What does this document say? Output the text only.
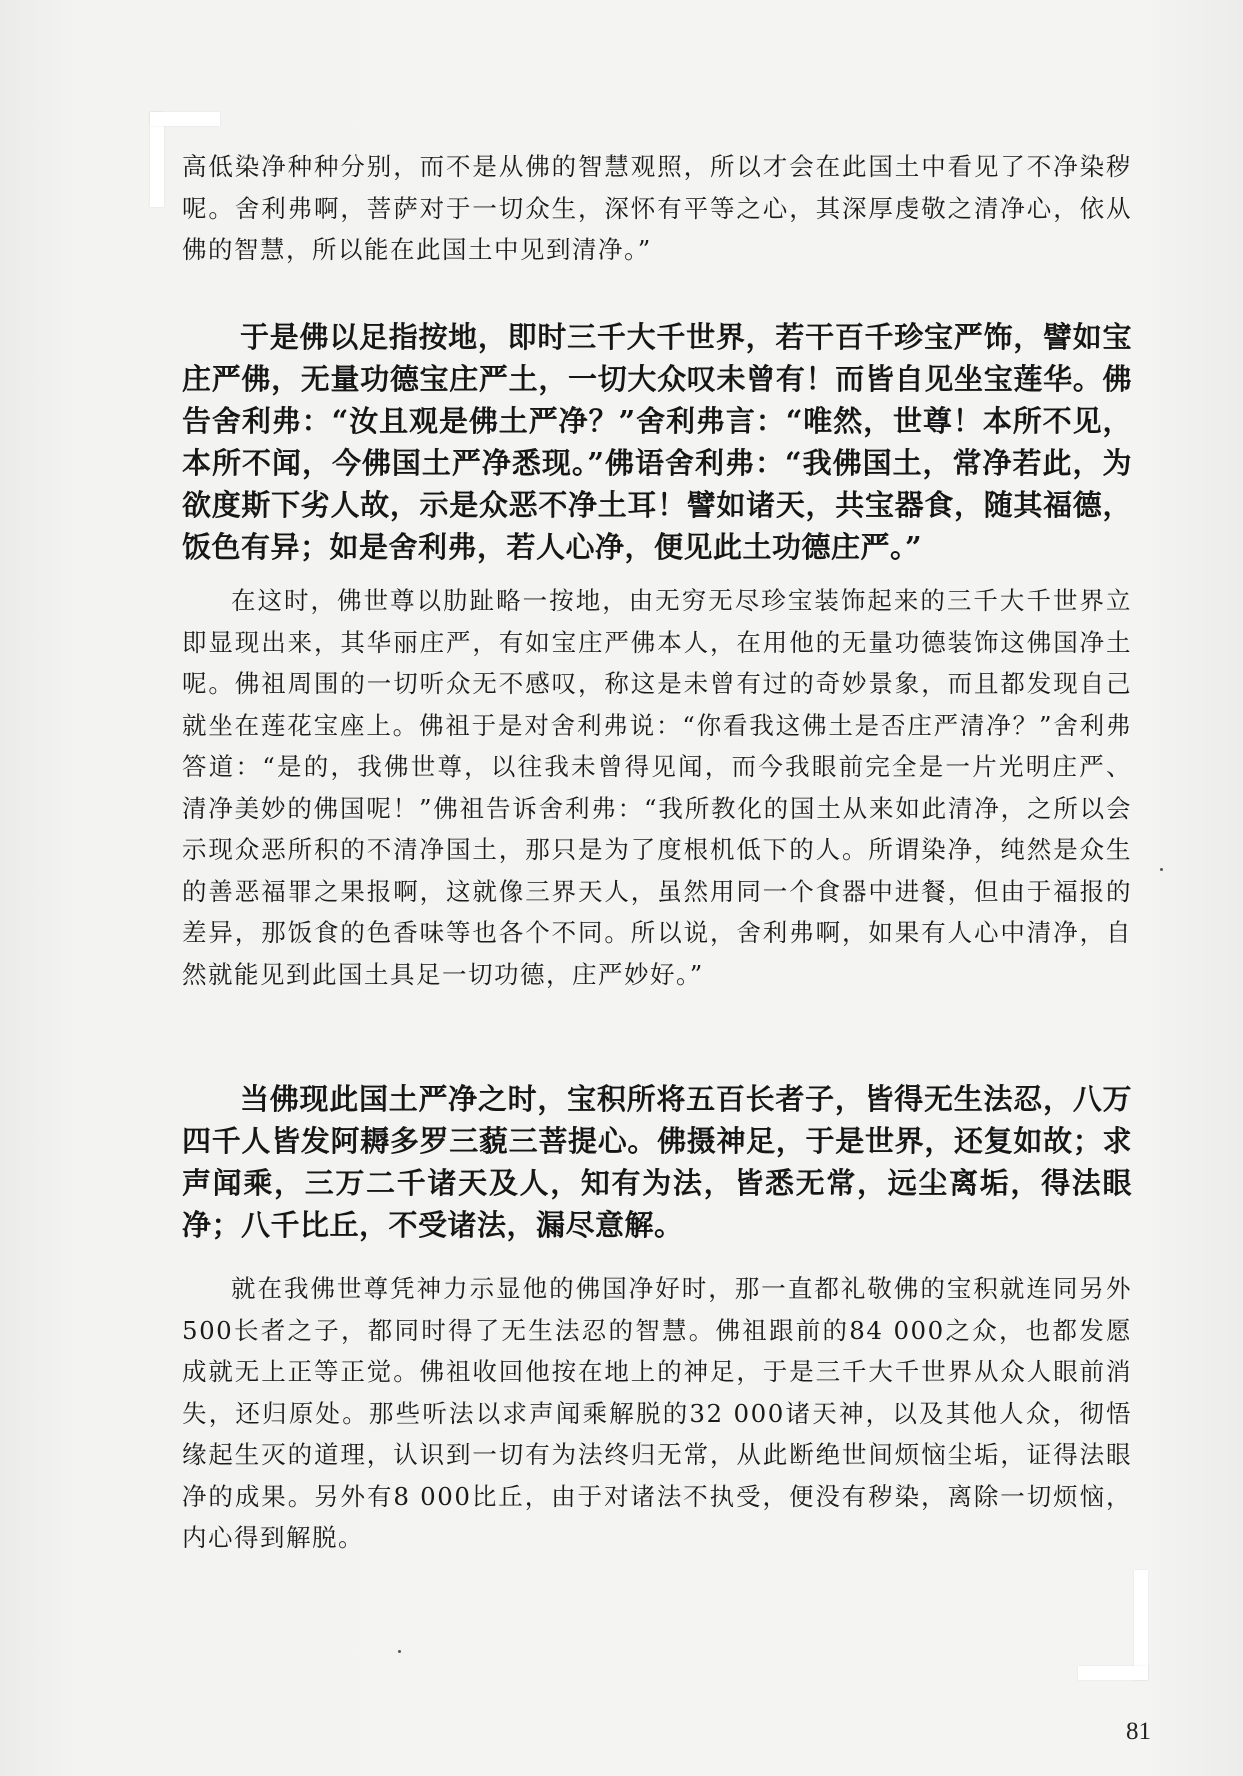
高低染净种种分别，而不是从佛的智慧观照，所以才会在此国土中看见了不净染秽呢。舍利弗啊，菩萨对于一切众生，深怀有平等之心，其深厚虔敬之清净心，依从佛的智慧，所以能在此国土中见到清净。”

于是佛以足指按地，即时三千大千世界，若干百千珍宝严饰，譬如宝庄严佛，无量功德宝庄严土，一切大众叹未曾有！而皆自见坐宝莲华。佛告舍利弗：“汝且观是佛土严净？”舍利弗言：“唯然，世尊！本所不见，本所不闻，今佛国土严净悉现。”佛语舍利弗：“我佛国土，常净若此，为欲度斯下劣人故，示是众恶不净土耳！譬如诸天，共宝器食，随其福德，饭色有异；如是舍利弗，若人心净，便见此土功德庄严。”

在这时，佛世尊以肋趾略一按地，由无穷无尽珍宝装饰起来的三千大千世界立即显现出来，其华丽庄严，有如宝庄严佛本人，在用他的无量功德装饰这佛国净土呢。佛祖周围的一切听众无不感叹，称这是未曾有过的奇妙景象，而且都发现自己就坐在莲花宝座上。佛祖于是对舍利弗说：“你看我这佛土是否庄严清净？”舍利弗答道：“是的，我佛世尊，以往我未曾得见闻，而今我眼前完全是一片光明庄严、清净美妙的佛国呢！”佛祖告诉舍利弗：“我所教化的国土从来如此清净，之所以会示现众恶所积的不清净国土，那只是为了度根机低下的人。所谓染净，纯然是众生的善恶福罪之果报啊，这就像三界天人，虽然用同一个食器中进餐，但由于福报的差异，那饭食的色香味等也各个不同。所以说，舍利弗啊，如果有人心中清净，自然就能见到此国土具足一切功德，庄严妙好。”

当佛现此国土严净之时，宝积所将五百长者子，皆得无生法忍，八万四千人皆发阿耨多罗三藐三菩提心。佛摄神足，于是世界，还复如故；求声闻乘，三万二千诸天及人，知有为法，皆悉无常，远尘离垢，得法眼净；八千比丘，不受诸法，漏尽意解。

就在我佛世尊凭神力示显他的佛国净好时，那一直都礼敬佛的宝积就连同另外500长者之子，都同时得了无生法忍的智慧。佛祖跟前的84 000之众，也都发愿成就无上正等正觉。佛祖收回他按在地上的神足，于是三千大千世界从众人眼前消失，还归原处。那些听法以求声闻乘解脱的32 000诸天神，以及其他人众，彻悟缘起生灭的道理，认识到一切有为法终归无常，从此断绝世间烦恼尘垢，证得法眼净的成果。另外有8 000比丘，由于对诸法不执受，便没有秽染，离除一切烦恼，内心得到解脱。

81
